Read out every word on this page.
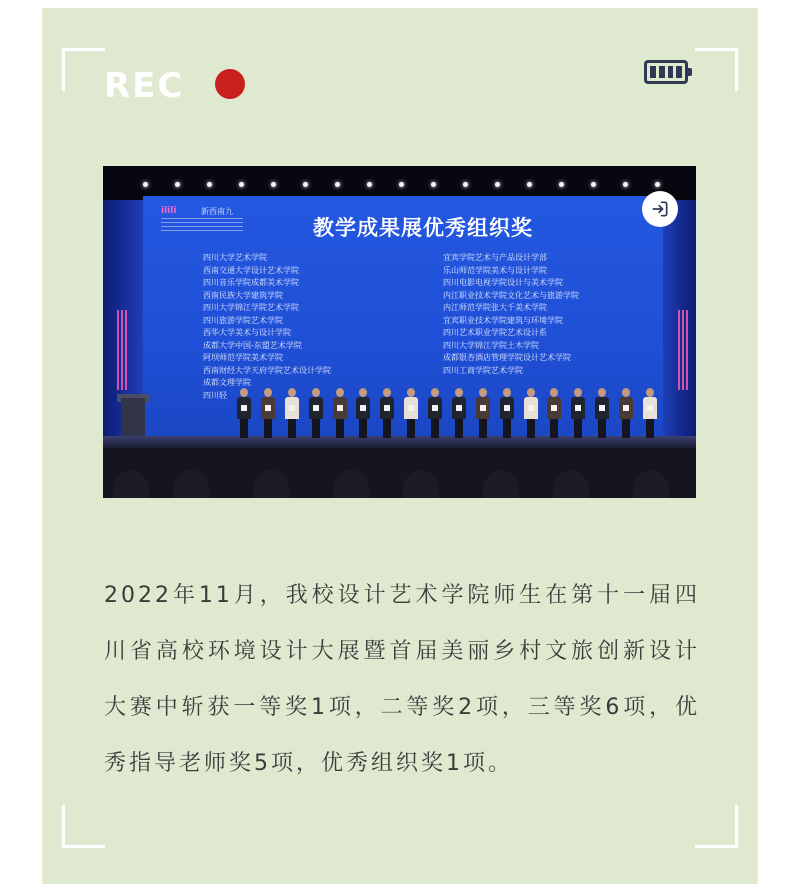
REC
ilili	新西南九
教学成果展优秀组织奖
四川大学艺术学院
西南交通大学设计艺术学院
四川音乐学院成都美术学院
西南民族大学建筑学院
四川大学锦江学院艺术学院
四川旅游学院艺术学院
西华大学美术与设计学院
成都大学中国-东盟艺术学院
阿坝师范学院美术学院
西南财经大学天府学院艺术设计学院
成都文理学院
四川轻
宜宾学院艺术与产品设计学部
乐山师范学院美术与设计学院
四川电影电视学院设计与美术学院
内江职业技术学院文化艺术与旅游学院
内江师范学院张大千美术学院
宜宾职业技术学院建筑与环境学院
四川艺术职业学院艺术设计系
四川大学锦江学院土木学院
成都银杏酒店管理学院设计艺术学院
四川工商学院艺术学院
2022年11月，我校设计艺术学院师生在第十一届四川省高校环境设计大展暨首届美丽乡村文旅创新设计大赛中斩获一等奖1项，二等奖2项，三等奖6项，优秀指导老师奖5项，优秀组织奖1项。
